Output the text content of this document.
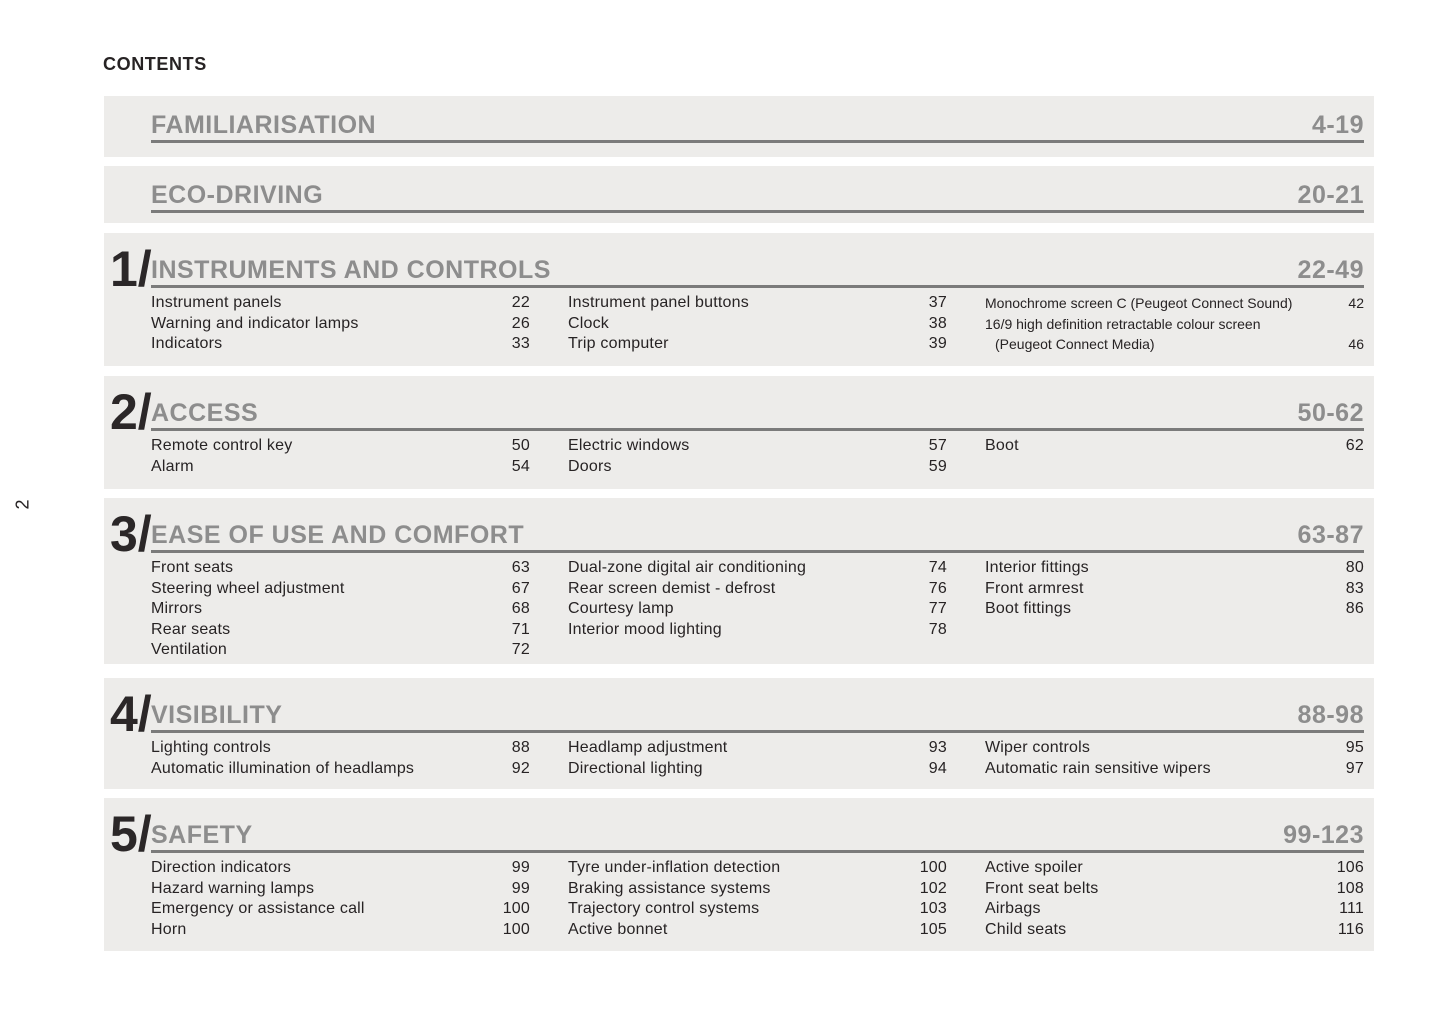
CONTENTS
2
FAMILIARISATION	4-19
ECO-DRIVING	20-21
1/ INSTRUMENTS AND CONTROLS	22-49
Instrument panels	22
Warning and indicator lamps	26
Indicators	33
Instrument panel buttons	37
Clock	38
Trip computer	39
Monochrome screen C (Peugeot Connect Sound)	42
16/9 high definition retractable colour screen
(Peugeot Connect Media)	46
2/ ACCESS	50-62
Remote control key	50
Alarm	54
Electric windows	57
Doors	59
Boot	62
3/ EASE OF USE AND COMFORT	63-87
Front seats	63
Steering wheel adjustment	67
Mirrors	68
Rear seats	71
Ventilation	72
Dual-zone digital air conditioning	74
Rear screen demist - defrost	76
Courtesy lamp	77
Interior mood lighting	78
Interior fittings	80
Front armrest	83
Boot fittings	86
4/ VISIBILITY	88-98
Lighting controls	88
Automatic illumination of headlamps	92
Headlamp adjustment	93
Directional lighting	94
Wiper controls	95
Automatic rain sensitive wipers	97
5/ SAFETY	99-123
Direction indicators	99
Hazard warning lamps	99
Emergency or assistance call	100
Horn	100
Tyre under-inflation detection	100
Braking assistance systems	102
Trajectory control systems	103
Active bonnet	105
Active spoiler	106
Front seat belts	108
Airbags	111
Child seats	116
